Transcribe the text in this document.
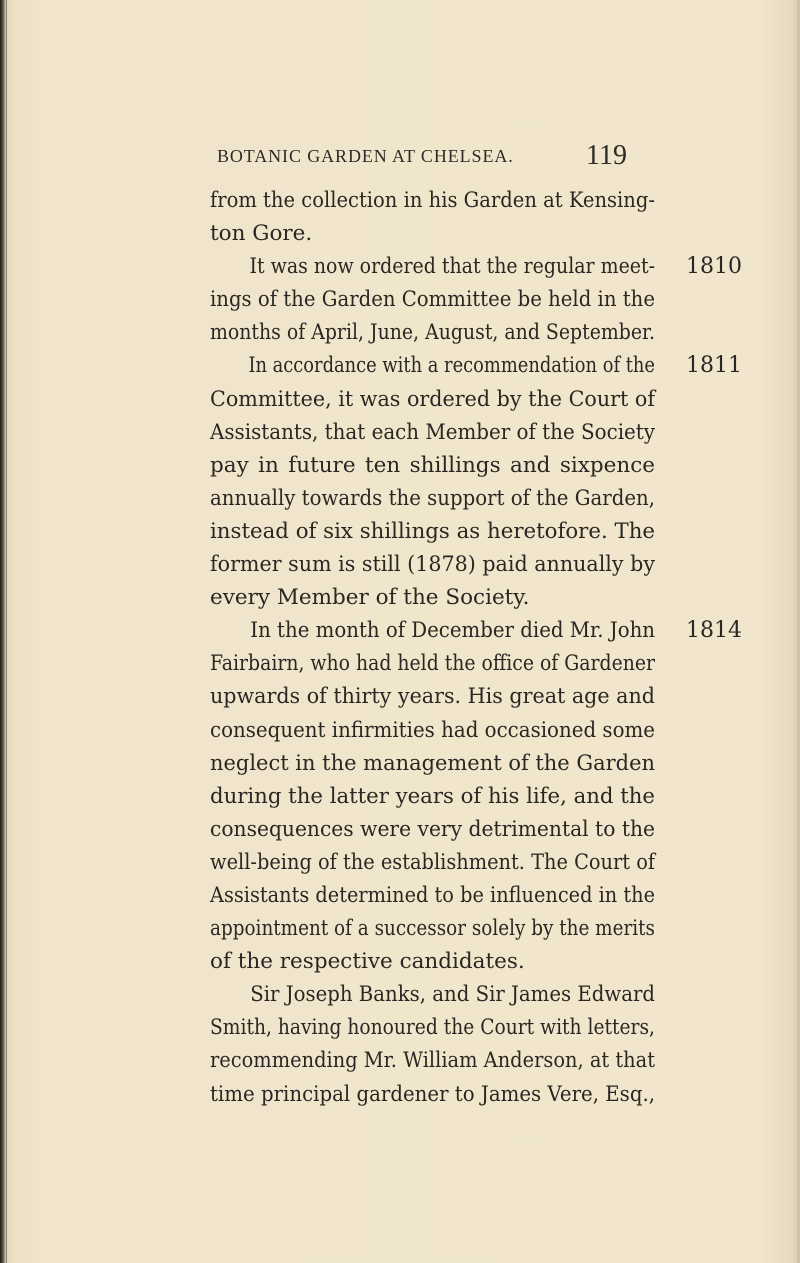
BOTANIC GARDEN AT CHELSEA.	119
from the collection in his Garden at Kensing-
ton Gore.
It was now ordered that the regular meet-	1810
ings of the Garden Committee be held in the
months of April, June, August, and September.
In accordance with a recommendation of the	1811
Committee, it was ordered by the Court of
Assistants, that each Member of the Society
pay in future ten shillings and sixpence
annually towards the support of the Garden,
instead of six shillings as heretofore. The
former sum is still (1878) paid annually by
every Member of the Society.
In the month of December died Mr. John	1814
Fairbairn, who had held the office of Gardener
upwards of thirty years. His great age and
consequent infirmities had occasioned some
neglect in the management of the Garden
during the latter years of his life, and the
consequences were very detrimental to the
well-being of the establishment. The Court of
Assistants determined to be influenced in the
appointment of a successor solely by the merits
of the respective candidates.
Sir Joseph Banks, and Sir James Edward
Smith, having honoured the Court with letters,
recommending Mr. William Anderson, at that
time principal gardener to James Vere, Esq.,
